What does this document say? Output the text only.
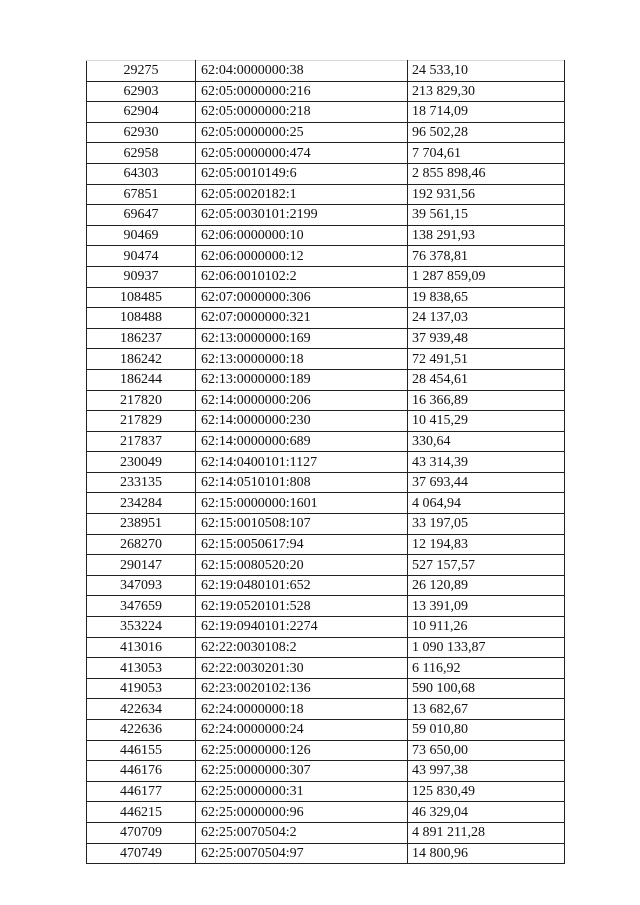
29275	62:04:0000000:38	24 533,10
62903	62:05:0000000:216	213 829,30
62904	62:05:0000000:218	18 714,09
62930	62:05:0000000:25	96 502,28
62958	62:05:0000000:474	7 704,61
64303	62:05:0010149:6	2 855 898,46
67851	62:05:0020182:1	192 931,56
69647	62:05:0030101:2199	39 561,15
90469	62:06:0000000:10	138 291,93
90474	62:06:0000000:12	76 378,81
90937	62:06:0010102:2	1 287 859,09
108485	62:07:0000000:306	19 838,65
108488	62:07:0000000:321	24 137,03
186237	62:13:0000000:169	37 939,48
186242	62:13:0000000:18	72 491,51
186244	62:13:0000000:189	28 454,61
217820	62:14:0000000:206	16 366,89
217829	62:14:0000000:230	10 415,29
217837	62:14:0000000:689	330,64
230049	62:14:0400101:1127	43 314,39
233135	62:14:0510101:808	37 693,44
234284	62:15:0000000:1601	4 064,94
238951	62:15:0010508:107	33 197,05
268270	62:15:0050617:94	12 194,83
290147	62:15:0080520:20	527 157,57
347093	62:19:0480101:652	26 120,89
347659	62:19:0520101:528	13 391,09
353224	62:19:0940101:2274	10 911,26
413016	62:22:0030108:2	1 090 133,87
413053	62:22:0030201:30	6 116,92
419053	62:23:0020102:136	590 100,68
422634	62:24:0000000:18	13 682,67
422636	62:24:0000000:24	59 010,80
446155	62:25:0000000:126	73 650,00
446176	62:25:0000000:307	43 997,38
446177	62:25:0000000:31	125 830,49
446215	62:25:0000000:96	46 329,04
470709	62:25:0070504:2	4 891 211,28
470749	62:25:0070504:97	14 800,96
